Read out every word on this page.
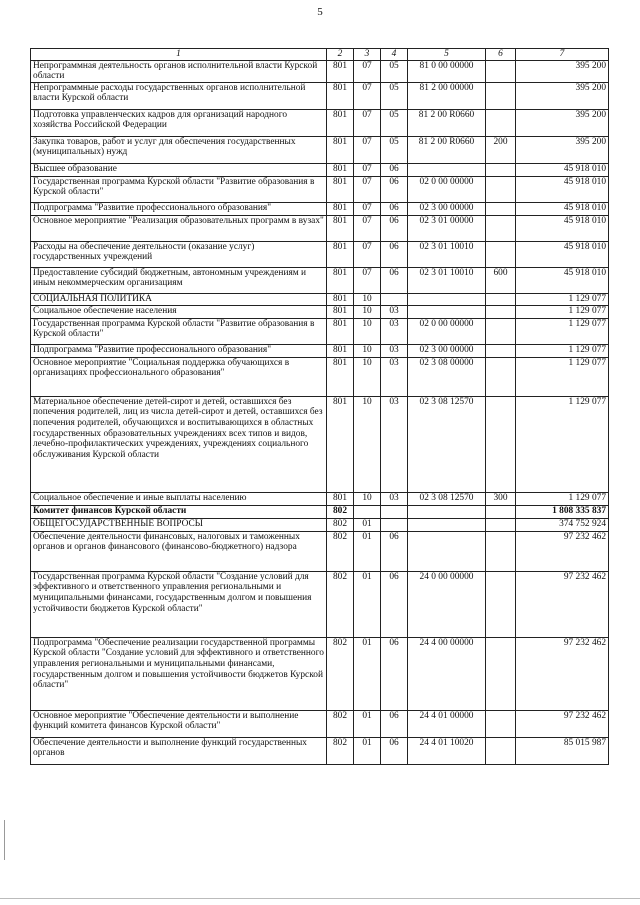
5
1	2	3	4	5	6	7
Непрограммная деятельность органов исполнительной власти Курской области	801	07	05	81 0 00 00000		395 200
Непрограммные расходы государственных органов исполнительной власти Курской области	801	07	05	81 2 00 00000		395 200
Подготовка управленческих кадров для организаций народного хозяйства Российской Федерации	801	07	05	81 2 00 R0660		395 200
Закупка товаров, работ и услуг для обеспечения государственных (муниципальных) нужд	801	07	05	81 2 00 R0660	200	395 200
Высшее образование	801	07	06			45 918 010
Государственная программа Курской области "Развитие образования в Курской области"	801	07	06	02 0 00 00000		45 918 010
Подпрограмма "Развитие профессионального образования"	801	07	06	02 3 00 00000		45 918 010
Основное мероприятие "Реализация образовательных программ в вузах"	801	07	06	02 3 01 00000		45 918 010
Расходы на обеспечение деятельности (оказание услуг) государственных учреждений	801	07	06	02 3 01 10010		45 918 010
Предоставление субсидий бюджетным, автономным учреждениям и иным некоммерческим организациям	801	07	06	02 3 01 10010	600	45 918 010
СОЦИАЛЬНАЯ ПОЛИТИКА	801	10				1 129 077
Социальное обеспечение населения	801	10	03			1 129 077
Государственная программа Курской области "Развитие образования в Курской области"	801	10	03	02 0 00 00000		1 129 077
Подпрограмма "Развитие профессионального образования"	801	10	03	02 3 00 00000		1 129 077
Основное мероприятие "Социальная поддержка обучающихся в организациях профессионального образования"	801	10	03	02 3 08 00000		1 129 077
Материальное обеспечение детей-сирот и детей, оставшихся без попечения родителей, лиц из числа детей-сирот и детей, оставшихся без попечения родителей, обучающихся и воспитывающихся в областных государственных образовательных учреждениях всех типов и видов, лечебно-профилактических учреждениях, учреждениях социального обслуживания Курской области	801	10	03	02 3 08 12570		1 129 077
Социальное обеспечение и иные выплаты населению	801	10	03	02 3 08 12570	300	1 129 077
Комитет финансов Курской области	802					1 808 335 837
ОБЩЕГОСУДАРСТВЕННЫЕ ВОПРОСЫ	802	01				374 752 924
Обеспечение деятельности финансовых, налоговых и таможенных органов и органов финансового (финансово-бюджетного) надзора	802	01	06			97 232 462
Государственная программа Курской области "Создание условий для эффективного и ответственного управления региональными и муниципальными финансами, государственным долгом и повышения устойчивости бюджетов Курской области"	802	01	06	24 0 00 00000		97 232 462
Подпрограмма "Обеспечение реализации государственной программы Курской области "Создание условий для эффективного и ответственного управления региональными и муниципальными финансами, государственным долгом и повышения устойчивости бюджетов Курской области"	802	01	06	24 4 00 00000		97 232 462
Основное мероприятие "Обеспечение деятельности и выполнение функций комитета финансов Курской области"	802	01	06	24 4 01 00000		97 232 462
Обеспечение деятельности и выполнение функций государственных органов	802	01	06	24 4 01 10020		85 015 987
